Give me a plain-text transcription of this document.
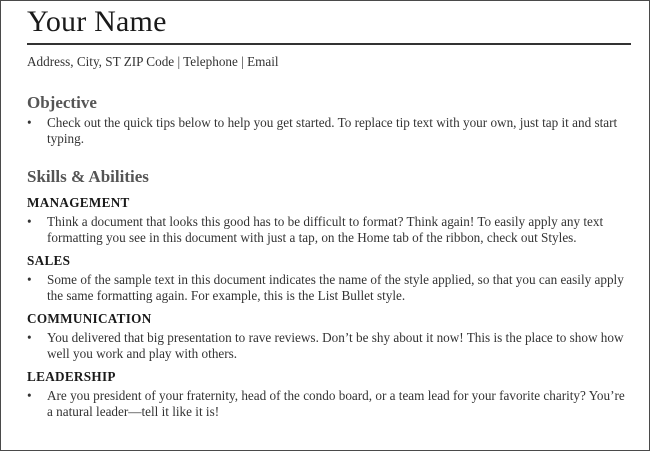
Your Name

Address, City, ST ZIP Code | Telephone | Email

Objective
• Check out the quick tips below to help you get started. To replace tip text with your own, just tap it and start typing.
Skills & Abilities
MANAGEMENT
• Think a document that looks this good has to be difficult to format? Think again! To easily apply any text formatting you see in this document with just a tap, on the Home tab of the ribbon, check out Styles.
SALES
• Some of the sample text in this document indicates the name of the style applied, so that you can easily apply the same formatting again. For example, this is the List Bullet style.
COMMUNICATION
• You delivered that big presentation to rave reviews. Don’t be shy about it now! This is the place to show how well you work and play with others.
LEADERSHIP
• Are you president of your fraternity, head of the condo board, or a team lead for your favorite charity? You’re a natural leader—tell it like it is!
